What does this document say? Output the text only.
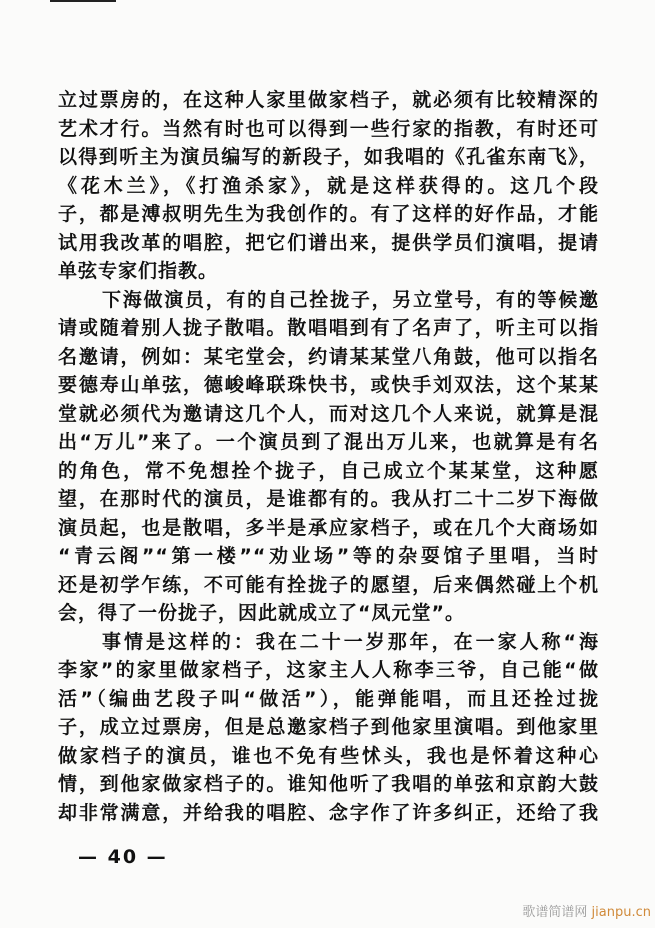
立过票房的，在这种人家里做家档子，就必须有比较精深的
艺术才行。当然有时也可以得到一些行家的指教，有时还可
以得到听主为演员编写的新段子，如我唱的《孔雀东南飞》，
《花木兰》，《打渔杀家》，就是这样获得的。这几个段
子，都是溥叔明先生为我创作的。有了这样的好作品，才能
试用我改革的唱腔，把它们谱出来，提供学员们演唱，提请
单弦专家们指教。
下海做演员，有的自己拴拢子，另立堂号，有的等候邀
请或随着别人拢子散唱。散唱唱到有了名声了，听主可以指
名邀请，例如：某宅堂会，约请某某堂八角鼓，他可以指名
要德寿山单弦，德峻峰联珠快书，或快手刘双法，这个某某
堂就必须代为邀请这几个人，而对这几个人来说，就算是混
出“万儿”来了。一个演员到了混出万儿来，也就算是有名
的角色，常不免想拴个拢子，自己成立个某某堂，这种愿
望，在那时代的演员，是谁都有的。我从打二十二岁下海做
演员起，也是散唱，多半是承应家档子，或在几个大商场如
“青云阁”“第一楼”“劝业场”等的杂耍馆子里唱，当时
还是初学乍练，不可能有拴拢子的愿望，后来偶然碰上个机
会，得了一份拢子，因此就成立了“凤元堂”。
事情是这样的：我在二十一岁那年，在一家人称“海
李家”的家里做家档子，这家主人人称李三爷，自己能“做
活”（编曲艺段子叫“做活”），能弹能唱，而且还拴过拢
子，成立过票房，但是总邀家档子到他家里演唱。到他家里
做家档子的演员，谁也不免有些怵头，我也是怀着这种心
情，到他家做家档子的。谁知他听了我唱的单弦和京韵大鼓
却非常满意，并给我的唱腔、念字作了许多纠正，还给了我
— 40 —
歌谱简谱网 jianpu.cn
